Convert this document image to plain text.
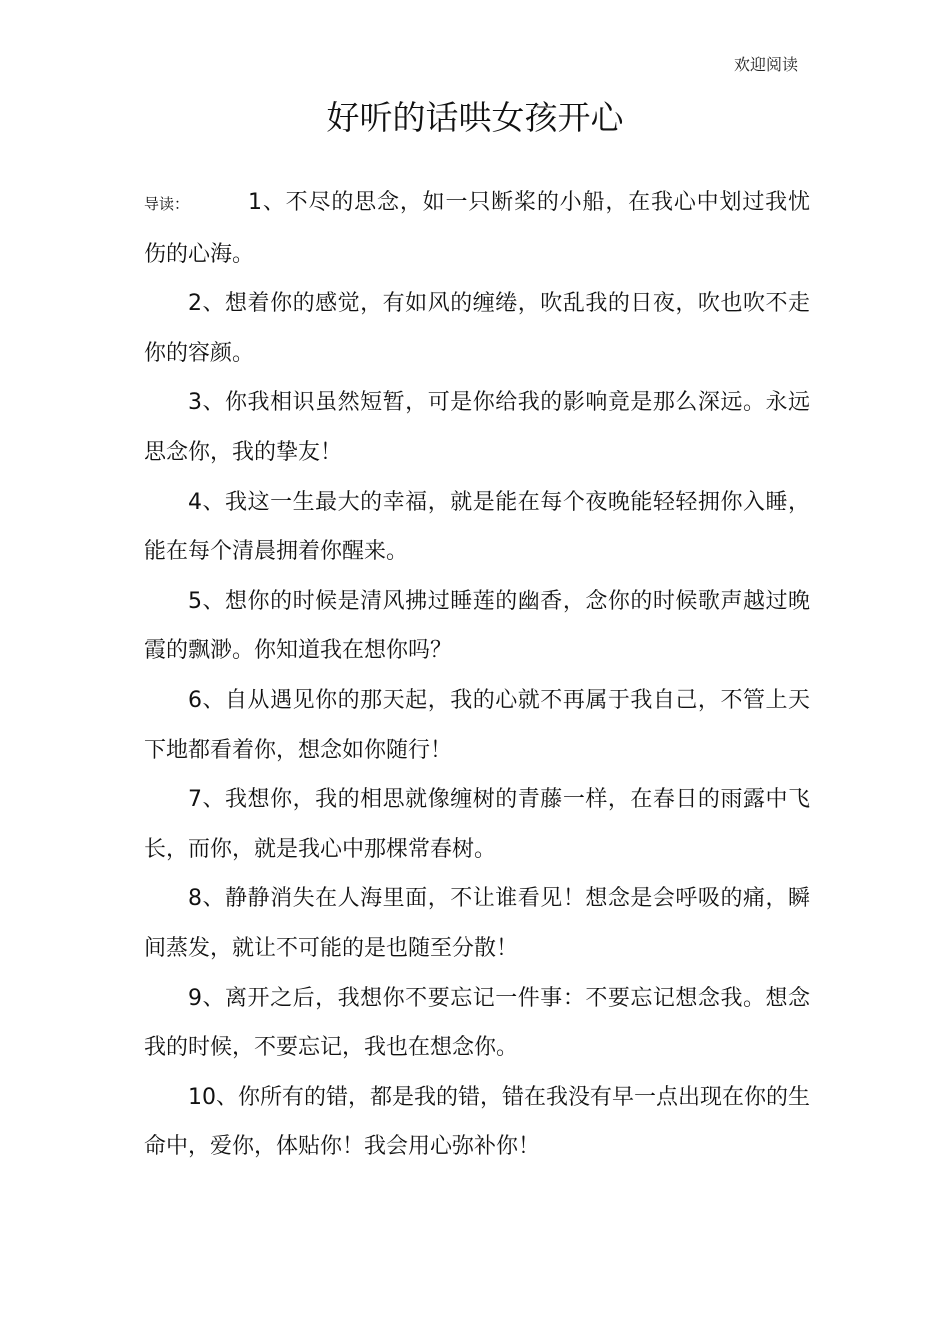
欢迎阅读
好听的话哄女孩开心

导读：	1、不尽的思念，如一只断桨的小船，在我心中划过我忧伤的心海。

2、想着你的感觉，有如风的缠绻，吹乱我的日夜，吹也吹不走你的容颜。

3、你我相识虽然短暂，可是你给我的影响竟是那么深远。永远思念你，我的挚友！

4、我这一生最大的幸福，就是能在每个夜晚能轻轻拥你入睡，能在每个清晨拥着你醒来。

5、想你的时候是清风拂过睡莲的幽香，念你的时候歌声越过晚霞的飘渺。你知道我在想你吗？

6、自从遇见你的那天起，我的心就不再属于我自己，不管上天下地都看着你，想念如你随行！

7、我想你，我的相思就像缠树的青藤一样，在春日的雨露中飞长，而你，就是我心中那棵常春树。

8、静静消失在人海里面，不让谁看见！想念是会呼吸的痛，瞬间蒸发，就让不可能的是也随至分散！

9、离开之后，我想你不要忘记一件事：不要忘记想念我。想念我的时候，不要忘记，我也在想念你。

10、你所有的错，都是我的错，错在我没有早一点出现在你的生命中，爱你，体贴你！我会用心弥补你！
